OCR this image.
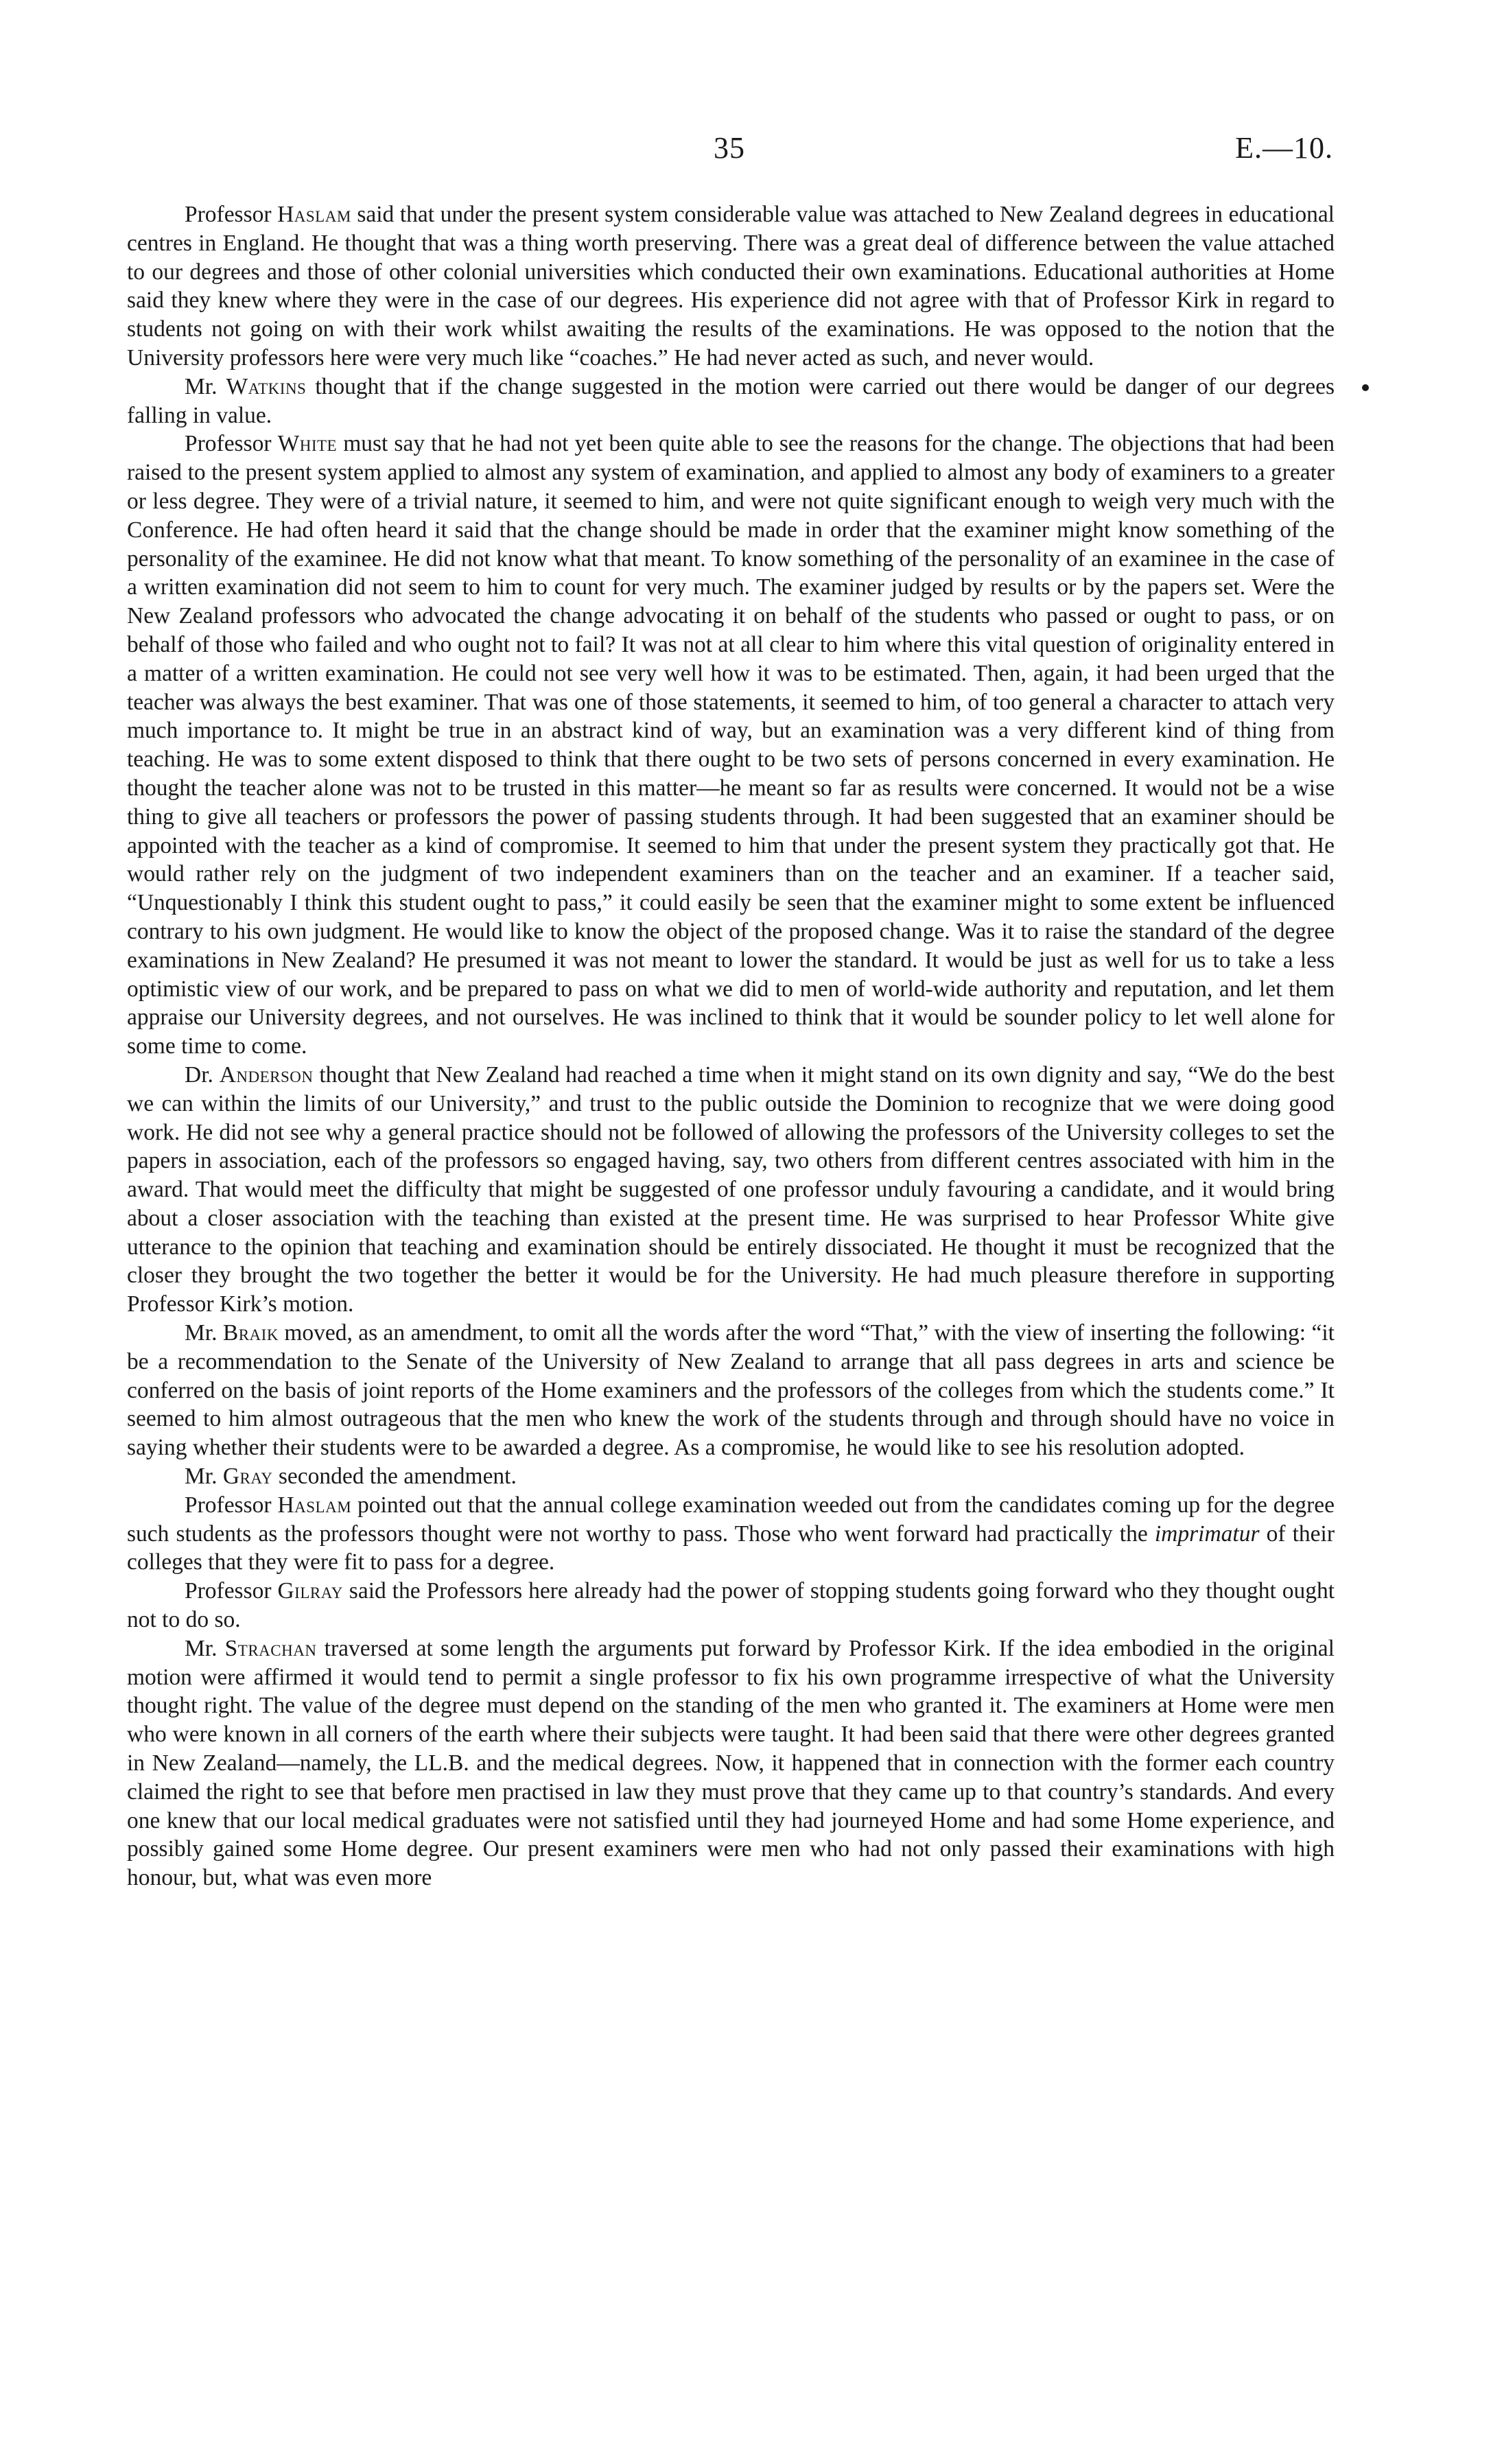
35	E.—10.

Professor Haslam said that under the present system considerable value was attached to New Zealand degrees in educational centres in England. He thought that was a thing worth preserving. There was a great deal of difference between the value attached to our degrees and those of other colonial universities which conducted their own examinations. Educational authorities at Home said they knew where they were in the case of our degrees. His experience did not agree with that of Professor Kirk in regard to students not going on with their work whilst awaiting the results of the examinations. He was opposed to the notion that the University professors here were very much like “coaches.” He had never acted as such, and never would.

Mr. Watkins thought that if the change suggested in the motion were carried out there would be danger of our degrees falling in value.

Professor White must say that he had not yet been quite able to see the reasons for the change. The objections that had been raised to the present system applied to almost any system of examination, and applied to almost any body of examiners to a greater or less degree. They were of a trivial nature, it seemed to him, and were not quite significant enough to weigh very much with the Conference. He had often heard it said that the change should be made in order that the examiner might know something of the personality of the examinee. He did not know what that meant. To know something of the personality of an examinee in the case of a written examination did not seem to him to count for very much. The examiner judged by results or by the papers set. Were the New Zealand professors who advocated the change advocating it on behalf of the students who passed or ought to pass, or on behalf of those who failed and who ought not to fail? It was not at all clear to him where this vital question of originality entered in a matter of a written examination. He could not see very well how it was to be estimated. Then, again, it had been urged that the teacher was always the best examiner. That was one of those statements, it seemed to him, of too general a character to attach very much importance to. It might be true in an abstract kind of way, but an examination was a very different kind of thing from teaching. He was to some extent disposed to think that there ought to be two sets of persons concerned in every examination. He thought the teacher alone was not to be trusted in this matter—he meant so far as results were concerned. It would not be a wise thing to give all teachers or professors the power of passing students through. It had been suggested that an examiner should be appointed with the teacher as a kind of compromise. It seemed to him that under the present system they practically got that. He would rather rely on the judgment of two independent examiners than on the teacher and an examiner. If a teacher said, “Unquestionably I think this student ought to pass,” it could easily be seen that the examiner might to some extent be influenced contrary to his own judgment. He would like to know the object of the proposed change. Was it to raise the standard of the degree examinations in New Zealand? He presumed it was not meant to lower the standard. It would be just as well for us to take a less optimistic view of our work, and be prepared to pass on what we did to men of world-wide authority and reputation, and let them appraise our University degrees, and not ourselves. He was inclined to think that it would be sounder policy to let well alone for some time to come.

Dr. Anderson thought that New Zealand had reached a time when it might stand on its own dignity and say, “We do the best we can within the limits of our University,” and trust to the public outside the Dominion to recognize that we were doing good work. He did not see why a general practice should not be followed of allowing the professors of the University colleges to set the papers in association, each of the professors so engaged having, say, two others from different centres associated with him in the award. That would meet the difficulty that might be suggested of one professor unduly favouring a candidate, and it would bring about a closer association with the teaching than existed at the present time. He was surprised to hear Professor White give utterance to the opinion that teaching and examination should be entirely dissociated. He thought it must be recognized that the closer they brought the two together the better it would be for the University. He had much pleasure therefore in supporting Professor Kirk’s motion.

Mr. Braik moved, as an amendment, to omit all the words after the word “That,” with the view of inserting the following: “it be a recommendation to the Senate of the University of New Zealand to arrange that all pass degrees in arts and science be conferred on the basis of joint reports of the Home examiners and the professors of the colleges from which the students come.” It seemed to him almost outrageous that the men who knew the work of the students through and through should have no voice in saying whether their students were to be awarded a degree. As a compromise, he would like to see his resolution adopted.

Mr. Gray seconded the amendment.

Professor Haslam pointed out that the annual college examination weeded out from the candidates coming up for the degree such students as the professors thought were not worthy to pass. Those who went forward had practically the imprimatur of their colleges that they were fit to pass for a degree.

Professor Gilray said the Professors here already had the power of stopping students going forward who they thought ought not to do so.

Mr. Strachan traversed at some length the arguments put forward by Professor Kirk. If the idea embodied in the original motion were affirmed it would tend to permit a single professor to fix his own programme irrespective of what the University thought right. The value of the degree must depend on the standing of the men who granted it. The examiners at Home were men who were known in all corners of the earth where their subjects were taught. It had been said that there were other degrees granted in New Zealand—namely, the LL.B. and the medical degrees. Now, it happened that in connection with the former each country claimed the right to see that before men practised in law they must prove that they came up to that country’s standards. And every one knew that our local medical graduates were not satisfied until they had journeyed Home and had some Home experience, and possibly gained some Home degree. Our present examiners were men who had not only passed their examinations with high honour, but, what was even more
